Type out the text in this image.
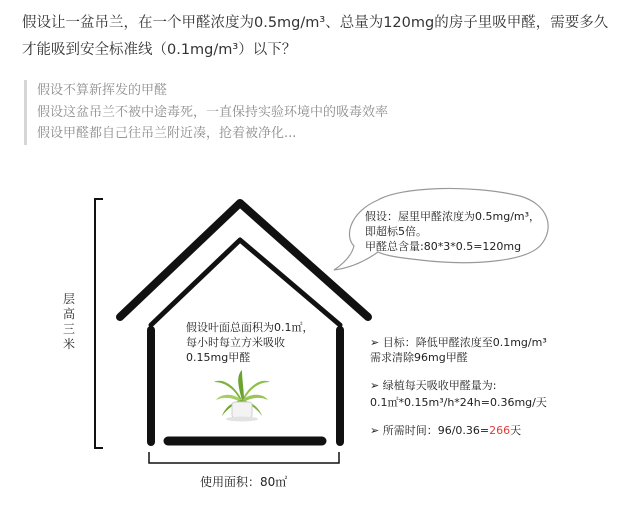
假设让一盆吊兰，在一个甲醛浓度为0.5mg/m³、总量为120mg的房子里吸甲醛，需要多久才能吸到安全标准线（0.1mg/m³）以下？
假设不算新挥发的甲醛
假设这盆吊兰不被中途毒死，一直保持实验环境中的吸毒效率
假设甲醛都自己往吊兰附近凑，抢着被净化...
层高三米
假设叶面总面积为0.1㎡，
每小时每立方米吸收
0.15mg甲醛
使用面积：80㎡
假设：屋里甲醛浓度为0.5mg/m³，
即超标5倍。
甲醛总含量:80*3*0.5=120mg
➢ 目标：降低甲醛浓度至0.1mg/m³
需求清除96mg甲醛
➢ 绿植每天吸收甲醛量为:
0.1㎡*0.15m³/h*24h=0.36mg/天
➢ 所需时间：96/0.36=266天
